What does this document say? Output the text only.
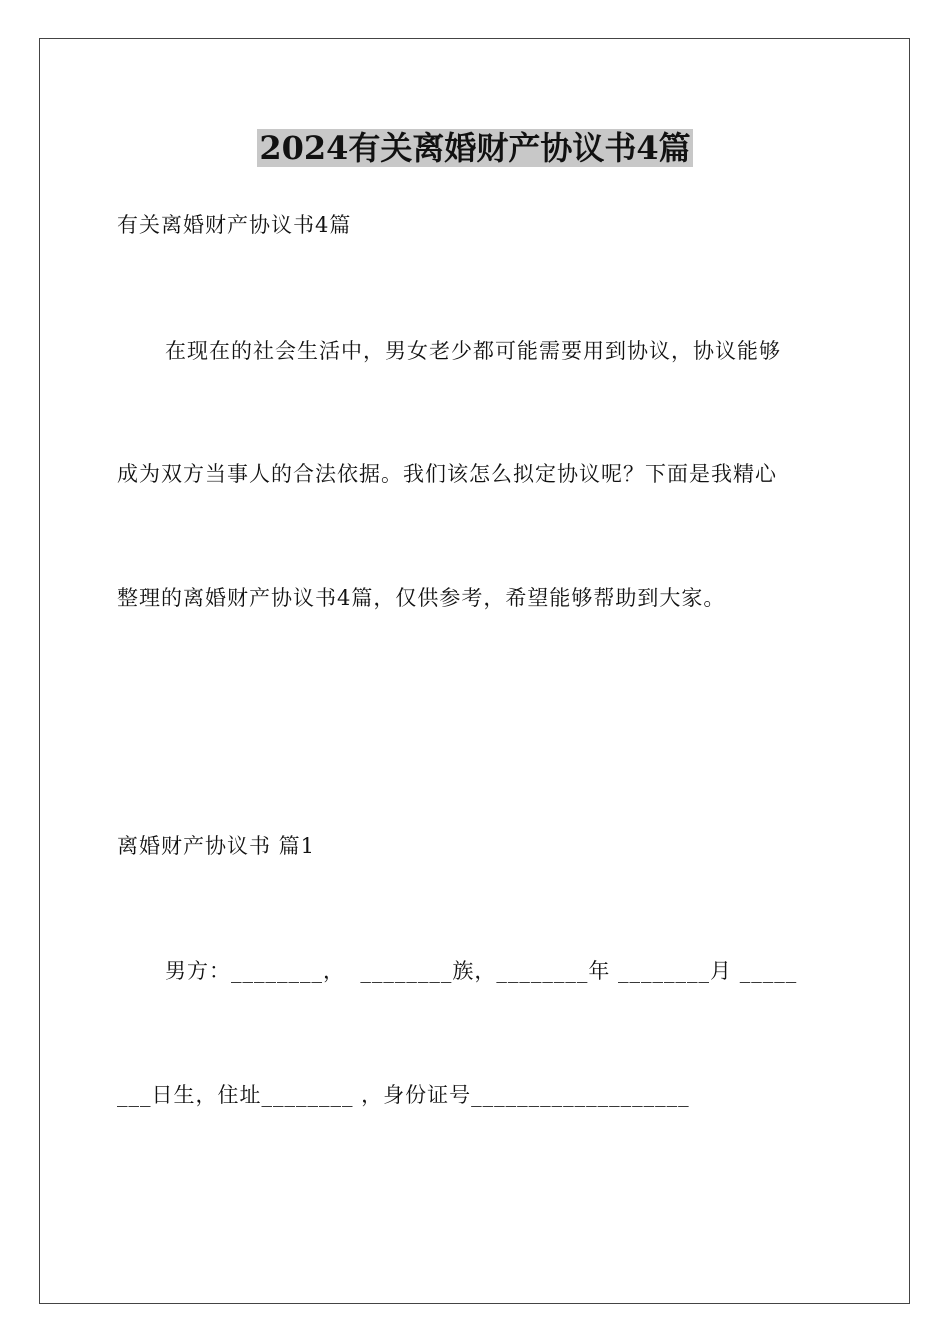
2024有关离婚财产协议书4篇
有关离婚财产协议书4篇
在现在的社会生活中，男女老少都可能需要用到协议，协议能够
成为双方当事人的合法依据。我们该怎么拟定协议呢？下面是我精心
整理的离婚财产协议书4篇，仅供参考，希望能够帮助到大家。
离婚财产协议书 篇1
男方：________，  ________族，________年 ________月 _____
___日生，住址________ ，身份证号___________________
